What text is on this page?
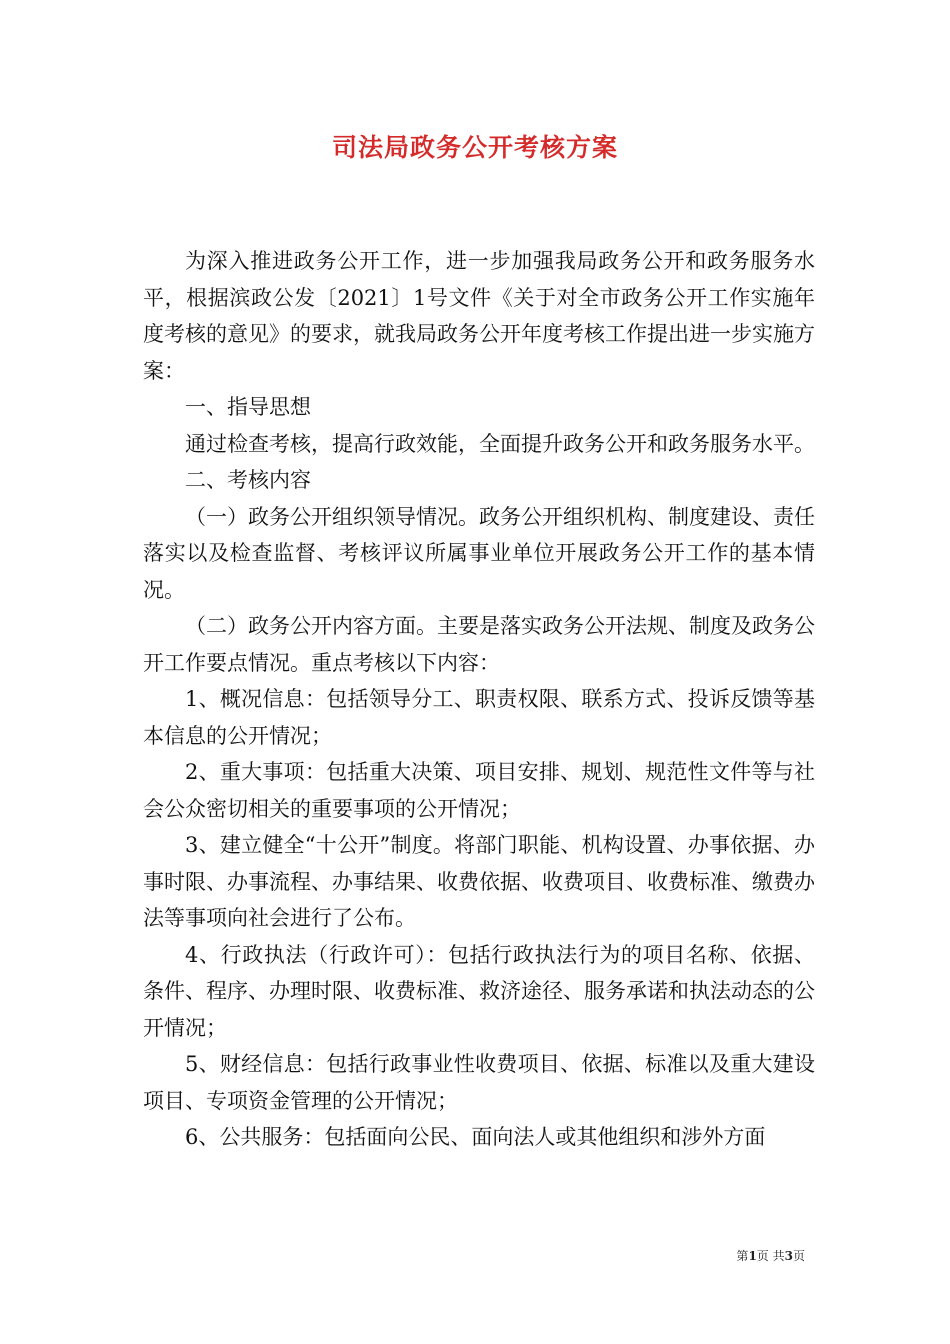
司法局政务公开考核方案

为深入推进政务公开工作，进一步加强我局政务公开和政务服务水平，根据滨政公发〔2021〕1号文件《关于对全市政务公开工作实施年度考核的意见》的要求，就我局政务公开年度考核工作提出进一步实施方案：

一、指导思想

通过检查考核，提高行政效能，全面提升政务公开和政务服务水平。

二、考核内容

（一）政务公开组织领导情况。政务公开组织机构、制度建设、责任落实以及检查监督、考核评议所属事业单位开展政务公开工作的基本情况。

（二）政务公开内容方面。主要是落实政务公开法规、制度及政务公开工作要点情况。重点考核以下内容：

1、概况信息：包括领导分工、职责权限、联系方式、投诉反馈等基本信息的公开情况；

2、重大事项：包括重大决策、项目安排、规划、规范性文件等与社会公众密切相关的重要事项的公开情况；

3、建立健全“十公开”制度。将部门职能、机构设置、办事依据、办事时限、办事流程、办事结果、收费依据、收费项目、收费标准、缴费办法等事项向社会进行了公布。

4、行政执法（行政许可）：包括行政执法行为的项目名称、依据、条件、程序、办理时限、收费标准、救济途径、服务承诺和执法动态的公开情况；

5、财经信息：包括行政事业性收费项目、依据、标准以及重大建设项目、专项资金管理的公开情况；

6、公共服务：包括面向公民、面向法人或其他组织和涉外方面

第1页 共3页
